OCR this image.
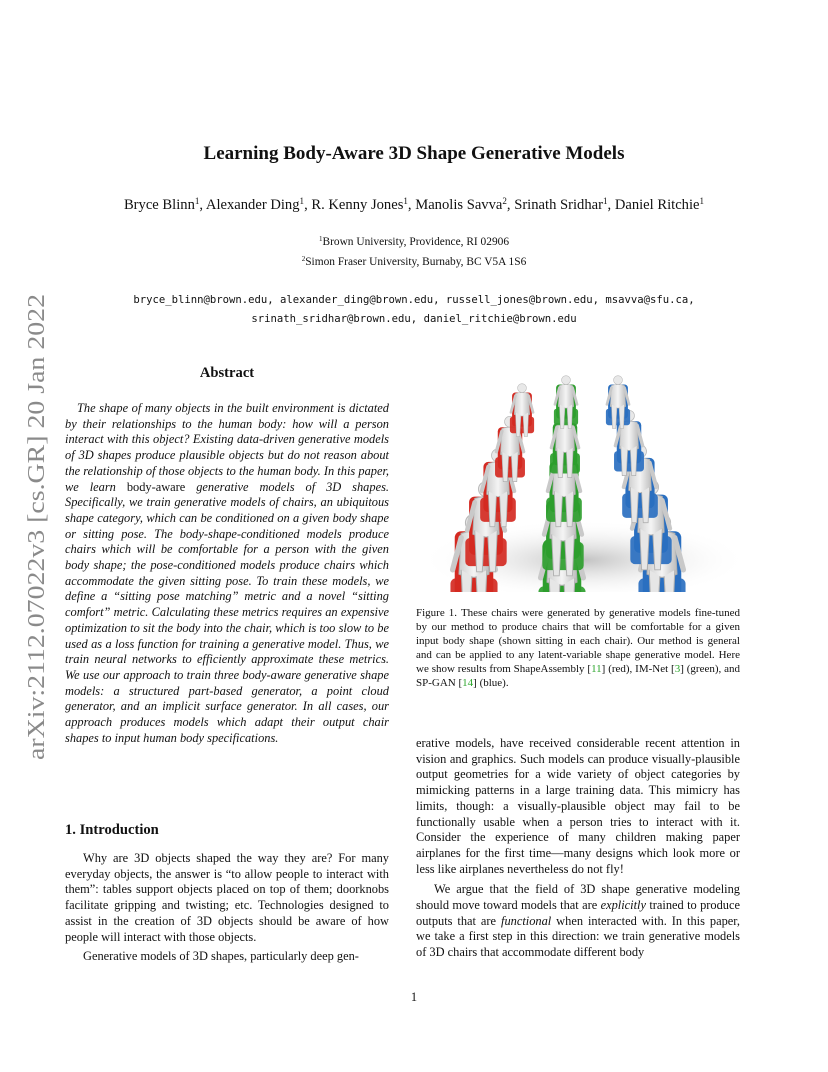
Learning Body-Aware 3D Shape Generative Models
Bryce Blinn$^1$, Alexander Ding$^1$, R. Kenny Jones$^1$, Manolis Savva$^2$, Srinath Sridhar$^1$, Daniel Ritchie$^1$
$^1$Brown University, Providence, RI 02906
$^2$Simon Fraser University, Burnaby, BC V5A 1S6
bryce_blinn@brown.edu, alexander_ding@brown.edu, russell_jones@brown.edu, msavva@sfu.ca,
srinath_sridhar@brown.edu, daniel_ritchie@brown.edu
arXiv:2112.07022v3 [cs.GR] 20 Jan 2022	Abstract

The shape of many objects in the built environment is dictated by their relationships to the human body: how will a person interact with this object? Existing data-driven generative models of 3D shapes produce plausible objects but do not reason about the relationship of those objects to the human body. In this paper, we learn body-aware generative models of 3D shapes. Specifically, we train generative models of chairs, an ubiquitous shape category, which can be conditioned on a given body shape or sitting pose. The body-shape-conditioned models produce chairs which will be comfortable for a person with the given body shape; the pose-conditioned models produce chairs which accommodate the given sitting pose. To train these models, we define a “sitting pose matching” metric and a novel “sitting comfort” metric. Calculating these metrics requires an expensive optimization to sit the body into the chair, which is too slow to be used as a loss function for training a generative model. Thus, we train neural networks to efficiently approximate these metrics. We use our approach to train three body-aware generative shape models: a structured part-based generator, a point cloud generator, and an implicit surface generator. In all cases, our approach produces models which adapt their output chair shapes to input human body specifications.

1. Introduction

Why are 3D objects shaped the way they are? For many everyday objects, the answer is “to allow people to interact with them”: tables support objects placed on top of them; doorknobs facilitate gripping and twisting; etc. Technologies designed to assist in the creation of 3D objects should be aware of how people will interact with those objects.

Generative models of 3D shapes, particularly deep gen-

Figure 1. These chairs were generated by generative models fine-tuned by our method to produce chairs that will be comfortable for a given input body shape (shown sitting in each chair). Our method is general and can be applied to any latent-variable shape generative model. Here we show results from ShapeAssembly [11] (red), IM-Net [3] (green), and SP-GAN [14] (blue).

erative models, have received considerable recent attention in vision and graphics. Such models can produce visually-plausible output geometries for a wide variety of object categories by mimicking patterns in a large training data. This mimicry has limits, though: a visually-plausible object may fail to be functionally usable when a person tries to interact with it. Consider the experience of many children making paper airplanes for the first time—many designs which look more or less like airplanes nevertheless do not fly!

We argue that the field of 3D shape generative modeling should move toward models that are explicitly trained to produce outputs that are functional when interacted with. In this paper, we take a first step in this direction: we train generative models of 3D chairs that accommodate different body

1
